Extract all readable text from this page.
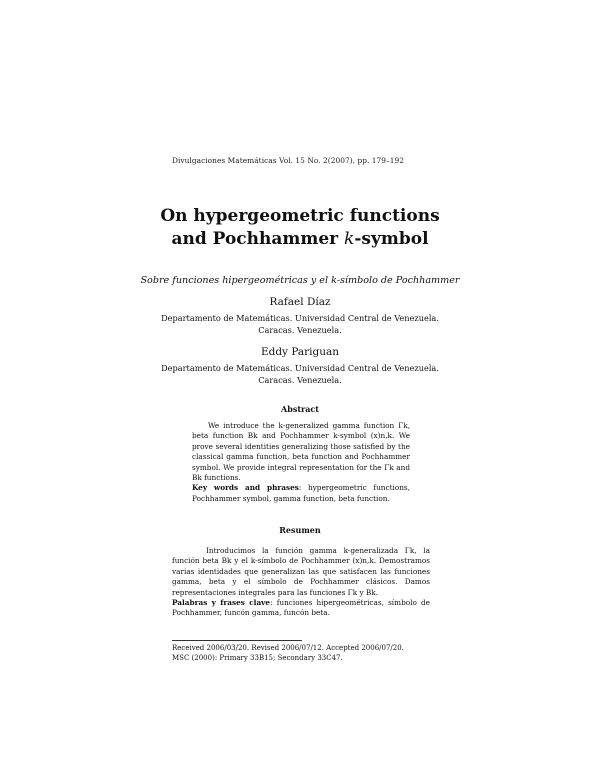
Divulgaciones Matemáticas Vol. 15 No. 2(2007), pp. 179–192
On hypergeometric functions
and Pochhammer k-symbol
Sobre funciones hipergeométricas y el k-símbolo de Pochhammer
Rafael Díaz
Departamento de Matemáticas. Universidad Central de Venezuela.
Caracas. Venezuela.
Eddy Pariguan
Departamento de Matemáticas. Universidad Central de Venezuela.
Caracas. Venezuela.
Abstract
We introduce the k-generalized gamma function Γk, beta function Bk and Pochhammer k-symbol (x)n,k. We prove several identities generalizing those satisfied by the classical gamma function, beta function and Pochhammer symbol. We provide integral representation for the Γk and Bk functions.
Key words and phrases: hypergeometric functions, Pochhammer symbol, gamma function, beta function.
Resumen
Introducimos la función gamma k-generalizada Γk, la función beta Bk y el k-símbolo de Pochhammer (x)n,k. Demostramos varias identidades que generalizan las que satisfacen las funciones gamma, beta y el símbolo de Pochhammer clásicos. Damos representaciones integrales para las funciones Γk y Bk.
Palabras y frases clave: funciones hipergeométricas, símbolo de Pochhammer, funcón gamma, funcón beta.
Received 2006/03/20. Revised 2006/07/12. Accepted 2006/07/20.
MSC (2000): Primary 33B15; Secondary 33C47.
